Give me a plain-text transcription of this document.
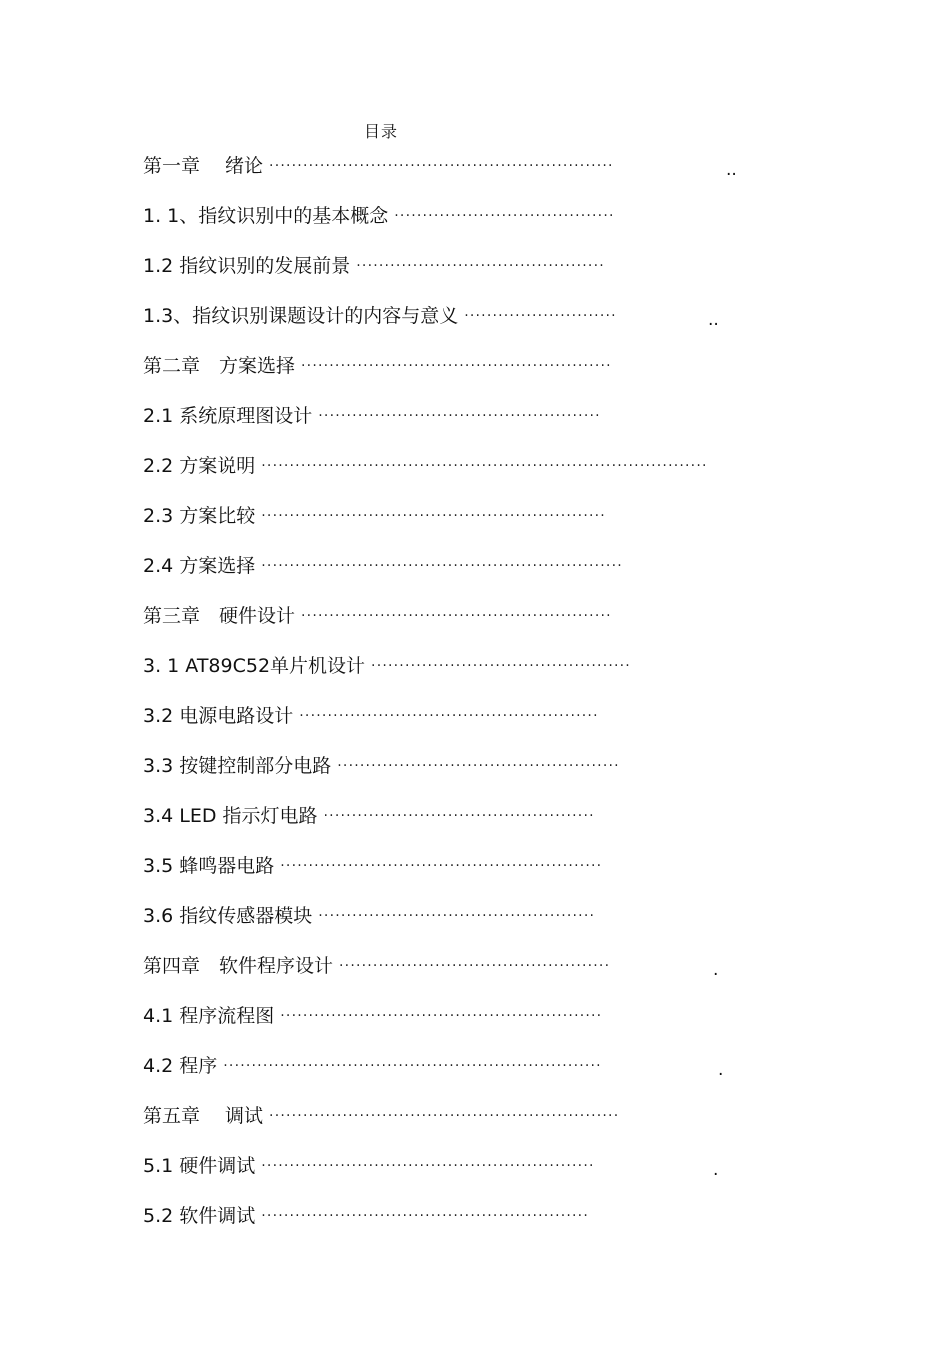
目录
第一章　 绪论 ·····························································	..
1. 1、指纹识别中的基本概念·······································
1.2 指纹识别的发展前景············································
1.3、指纹识别课题设计的内容与意义 ···························	..
第二章　方案选择 ·······················································
2.1 系统原理图设计··················································
2.2 方案说明 ···············································································
2.3 方案比较 ·····························································
2.4 方案选择 ································································
第三章　硬件设计 ·······················································
3. 1 AT89C52单片机设计 ··············································
3.2 电源电路设计 ·····················································
3.3 按键控制部分电路 ··················································
3.4 LED 指示灯电路 ················································
3.5 蜂鸣器电路 ·························································
3.6 指纹传感器模块 ·················································
第四章　软件程序设计················································	.
4.1 程序流程图 ·························································
4.2 程序 ···································································	.
第五章　 调试 ······························································
5.1 硬件调试···························································	.
5.2 软件调试··························································
